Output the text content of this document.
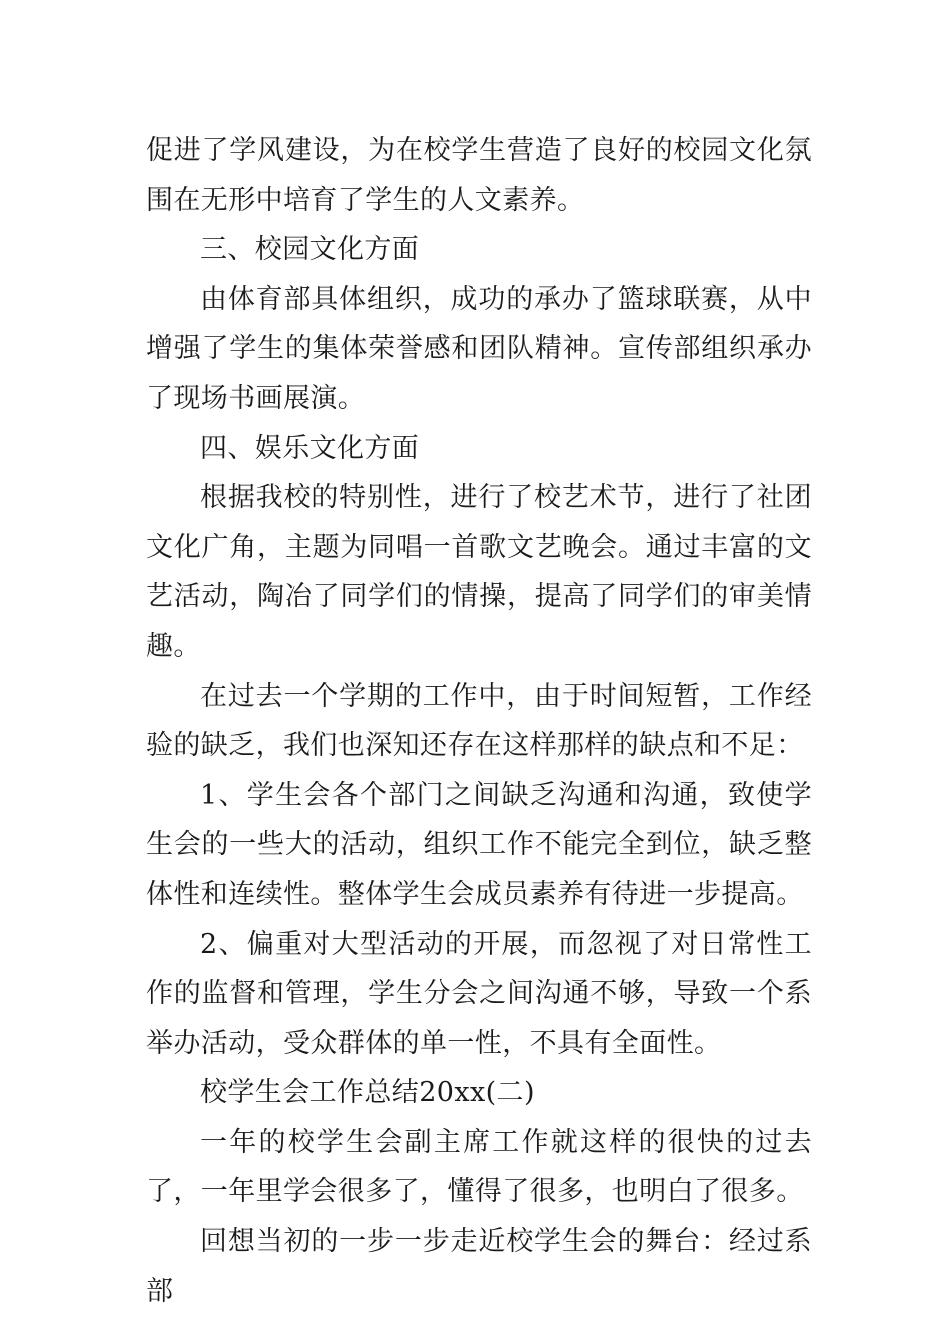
促进了学风建设，为在校学生营造了良好的校园文化氛围在无形中培育了学生的人文素养。

三、校园文化方面

由体育部具体组织，成功的承办了篮球联赛，从中增强了学生的集体荣誉感和团队精神。宣传部组织承办了现场书画展演。

四、娱乐文化方面

根据我校的特别性，进行了校艺术节，进行了社团文化广角，主题为同唱一首歌文艺晚会。通过丰富的文艺活动，陶冶了同学们的情操，提高了同学们的审美情趣。

在过去一个学期的工作中，由于时间短暂，工作经验的缺乏，我们也深知还存在这样那样的缺点和不足：

1、学生会各个部门之间缺乏沟通和沟通，致使学生会的一些大的活动，组织工作不能完全到位，缺乏整体性和连续性。整体学生会成员素养有待进一步提高。

2、偏重对大型活动的开展，而忽视了对日常性工作的监督和管理，学生分会之间沟通不够，导致一个系举办活动，受众群体的单一性，不具有全面性。

校学生会工作总结20xx(二)

一年的校学生会副主席工作就这样的很快的过去了，一年里学会很多了，懂得了很多，也明白了很多。

回想当初的一步一步走近校学生会的舞台：经过系部
